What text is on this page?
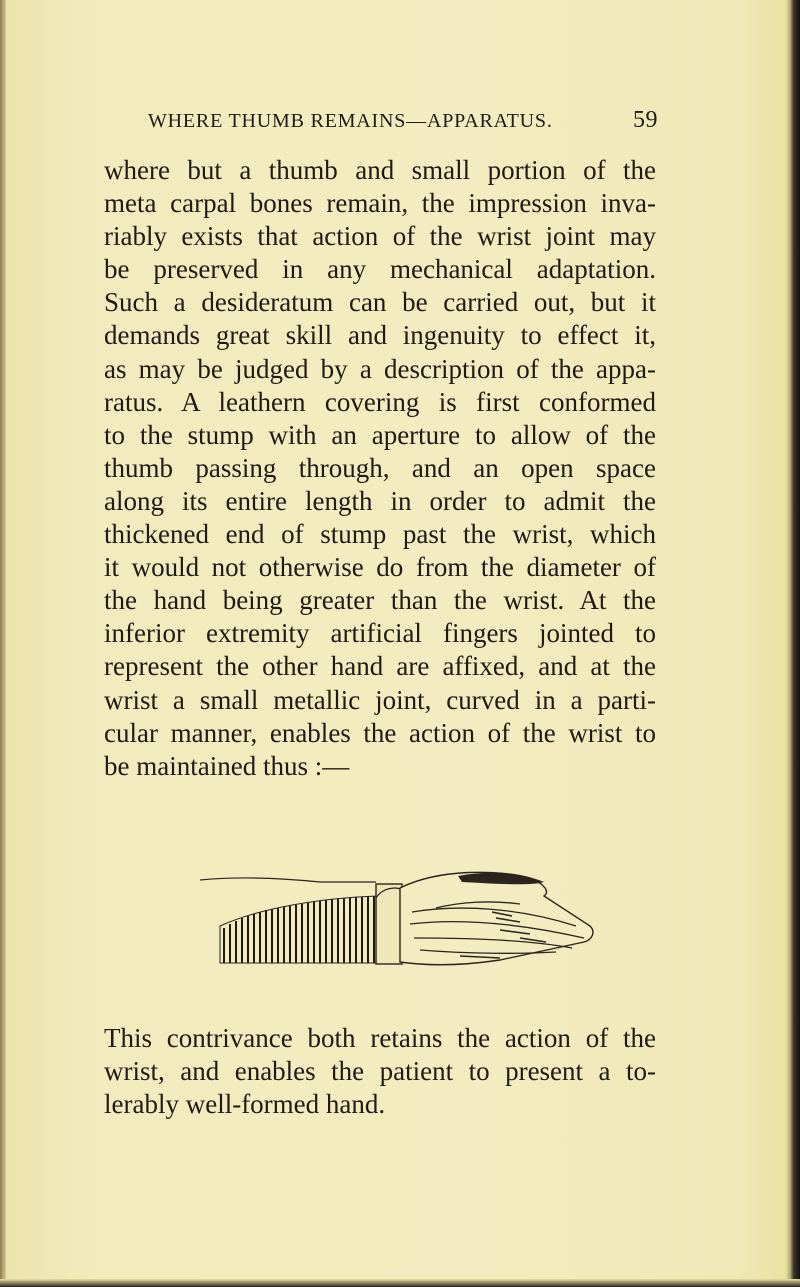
WHERE THUMB REMAINS—APPARATUS.	59
where but a thumb and small portion of the
meta carpal bones remain, the impression inva-
riably exists that action of the wrist joint may
be preserved in any mechanical adaptation.
Such a desideratum can be carried out, but it
demands great skill and ingenuity to effect it,
as may be judged by a description of the appa-
ratus. A leathern covering is first conformed
to the stump with an aperture to allow of the
thumb passing through, and an open space
along its entire length in order to admit the
thickened end of stump past the wrist, which
it would not otherwise do from the diameter of
the hand being greater than the wrist. At the
inferior extremity artificial fingers jointed to
represent the other hand are affixed, and at the
wrist a small metallic joint, curved in a parti-
cular manner, enables the action of the wrist to
be maintained thus :—
This contrivance both retains the action of the
wrist, and enables the patient to present a to-
lerably well-formed hand.
